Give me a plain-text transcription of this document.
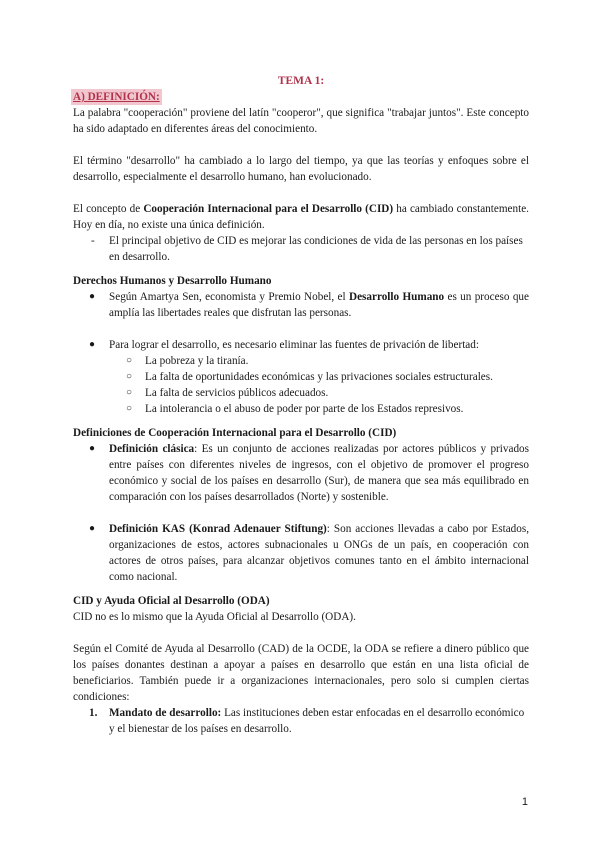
TEMA 1:

A) DEFINICIÓN:

La palabra "cooperación" proviene del latín "cooperor", que significa "trabajar juntos". Este concepto ha sido adaptado en diferentes áreas del conocimiento.

El término "desarrollo" ha cambiado a lo largo del tiempo, ya que las teorías y enfoques sobre el desarrollo, especialmente el desarrollo humano, han evolucionado.

El concepto de Cooperación Internacional para el Desarrollo (CID) ha cambiado constantemente. Hoy en día, no existe una única definición.

- El principal objetivo de CID es mejorar las condiciones de vida de las personas en los países en desarrollo.

Derechos Humanos y Desarrollo Humano

● Según Amartya Sen, economista y Premio Nobel, el Desarrollo Humano es un proceso que amplía las libertades reales que disfrutan las personas.
● Para lograr el desarrollo, es necesario eliminar las fuentes de privación de libertad:
○ La pobreza y la tiranía.
○ La falta de oportunidades económicas y las privaciones sociales estructurales.
○ La falta de servicios públicos adecuados.
○ La intolerancia o el abuso de poder por parte de los Estados represivos.

Definiciones de Cooperación Internacional para el Desarrollo (CID)

● Definición clásica: Es un conjunto de acciones realizadas por actores públicos y privados entre países con diferentes niveles de ingresos, con el objetivo de promover el progreso económico y social de los países en desarrollo (Sur), de manera que sea más equilibrado en comparación con los países desarrollados (Norte) y sostenible.
● Definición KAS (Konrad Adenauer Stiftung): Son acciones llevadas a cabo por Estados, organizaciones de estos, actores subnacionales u ONGs de un país, en cooperación con actores de otros países, para alcanzar objetivos comunes tanto en el ámbito internacional como nacional.

CID y Ayuda Oficial al Desarrollo (ODA)

CID no es lo mismo que la Ayuda Oficial al Desarrollo (ODA).

Según el Comité de Ayuda al Desarrollo (CAD) de la OCDE, la ODA se refiere a dinero público que los países donantes destinan a apoyar a países en desarrollo que están en una lista oficial de beneficiarios. También puede ir a organizaciones internacionales, pero solo si cumplen ciertas condiciones:

1. Mandato de desarrollo: Las instituciones deben estar enfocadas en el desarrollo económico y el bienestar de los países en desarrollo.
1
